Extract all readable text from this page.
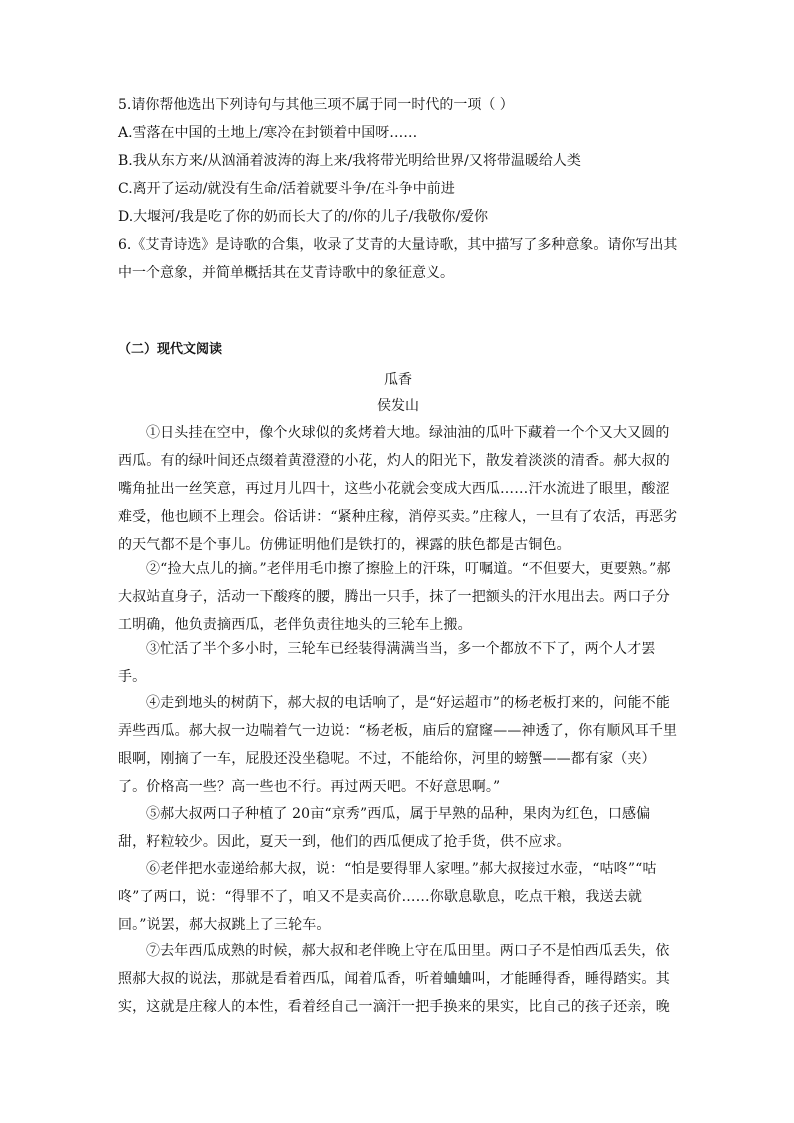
5.请你帮他选出下列诗句与其他三项不属于同一时代的一项（ ）
A.雪落在中国的土地上/寒冷在封锁着中国呀……
B.我从东方来/从汹涌着波涛的海上来/我将带光明给世界/又将带温暖给人类
C.离开了运动/就没有生命/活着就要斗争/在斗争中前进
D.大堰河/我是吃了你的奶而长大了的/你的儿子/我敬你/爱你
6.《艾青诗选》是诗歌的合集，收录了艾青的大量诗歌，其中描写了多种意象。请你写出其中一个意象，并简单概括其在艾青诗歌中的象征意义。
（二）现代文阅读
瓜香
侯发山
①日头挂在空中，像个火球似的炙烤着大地。绿油油的瓜叶下藏着一个个又大又圆的西瓜。有的绿叶间还点缀着黄澄澄的小花，灼人的阳光下，散发着淡淡的清香。郝大叔的嘴角扯出一丝笑意，再过月儿四十，这些小花就会变成大西瓜……汗水流进了眼里，酸涩难受，他也顾不上理会。俗话讲：“紧种庄稼，消停买卖。”庄稼人，一旦有了农活，再恶劣的天气都不是个事儿。仿佛证明他们是铁打的，裸露的肤色都是古铜色。
②“捡大点儿的摘。”老伴用毛巾擦了擦脸上的汗珠，叮嘱道。“不但要大，更要熟。”郝大叔站直身子，活动一下酸疼的腰，腾出一只手，抹了一把额头的汗水甩出去。两口子分工明确，他负责摘西瓜，老伴负责往地头的三轮车上搬。
③忙活了半个多小时，三轮车已经装得满满当当，多一个都放不下了，两个人才罢手。
④走到地头的树荫下，郝大叔的电话响了，是“好运超市”的杨老板打来的，问能不能弄些西瓜。郝大叔一边喘着气一边说：“杨老板，庙后的窟窿——神透了，你有顺风耳千里眼啊，刚摘了一车，屁股还没坐稳呢。不过，不能给你，河里的螃蟹——都有家（夹）了。价格高一些？高一些也不行。再过两天吧。不好意思啊。”
⑤郝大叔两口子种植了 20亩“京秀”西瓜，属于早熟的品种，果肉为红色，口感偏甜，籽粒较少。因此，夏天一到，他们的西瓜便成了抢手货，供不应求。
⑥老伴把水壶递给郝大叔，说：“怕是要得罪人家哩。”郝大叔接过水壶，“咕咚”“咕咚”了两口，说：“得罪不了，咱又不是卖高价……你歇息歇息，吃点干粮，我送去就回。”说罢，郝大叔跳上了三轮车。
⑦去年西瓜成熟的时候，郝大叔和老伴晚上守在瓜田里。两口子不是怕西瓜丢失，依照郝大叔的说法，那就是看着西瓜，闻着瓜香，听着蛐蛐叫，才能睡得香，睡得踏实。其实，这就是庄稼人的本性，看着经自己一滴汗一把手换来的果实，比自己的孩子还亲，晚
